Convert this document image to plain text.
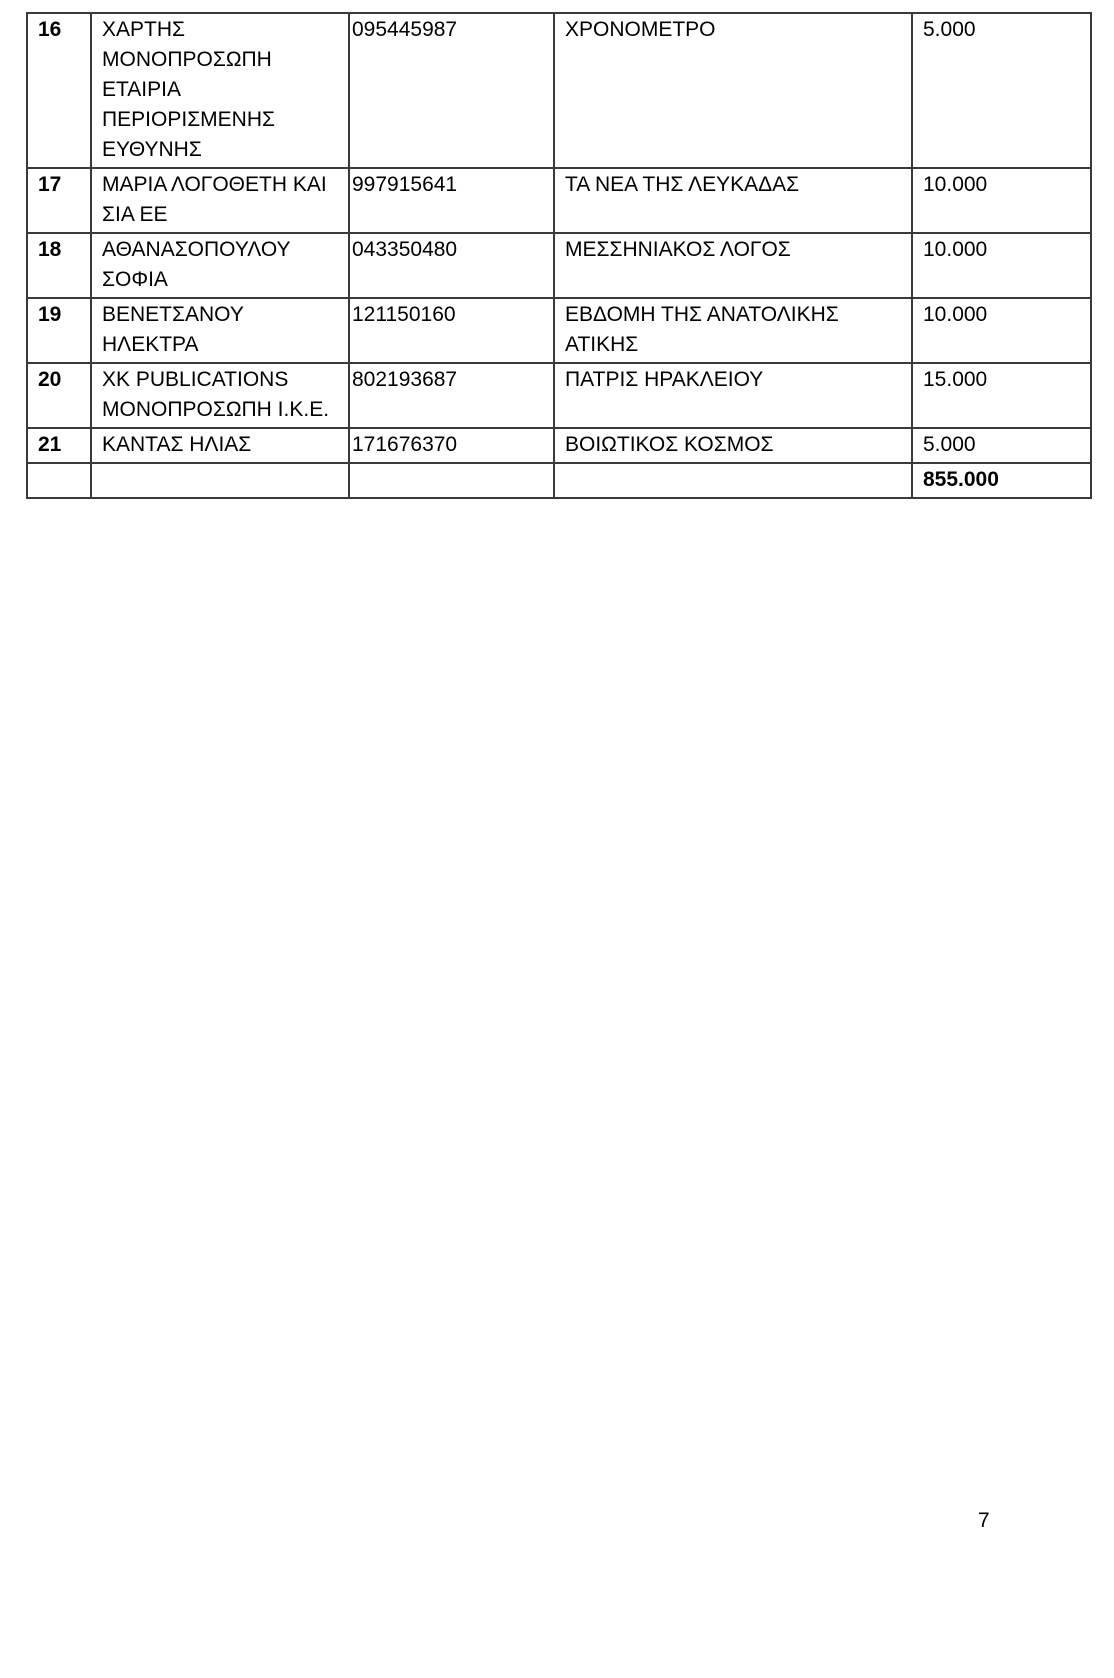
16	ΧΑΡΤΗΣ ΜΟΝΟΠΡΟΣΩΠΗ ΕΤΑΙΡΙΑ ΠΕΡΙΟΡΙΣΜΕΝΗΣ ΕΥΘΥΝΗΣ	095445987	ΧΡΟΝΟΜΕΤΡΟ	5.000
17	ΜΑΡΙΑ ΛΟΓΟΘΕΤΗ ΚΑΙ ΣΙΑ ΕΕ	997915641	ΤΑ ΝΕΑ ΤΗΣ ΛΕΥΚΑΔΑΣ	10.000
18	ΑΘΑΝΑΣΟΠΟΥΛΟΥ ΣΟΦΙΑ	043350480	ΜΕΣΣΗΝΙΑΚΟΣ ΛΟΓΟΣ	10.000
19	ΒΕΝΕΤΣΑΝΟΥ ΗΛΕΚΤΡΑ	121150160	ΕΒΔΟΜΗ ΤΗΣ ΑΝΑΤΟΛΙΚΗΣ ΑΤΙΚΗΣ	10.000
20	XK PUBLICATIONS ΜΟΝΟΠΡΟΣΩΠΗ Ι.Κ.Ε.	802193687	ΠΑΤΡΙΣ ΗΡΑΚΛΕΙΟΥ	15.000
21	ΚΑΝΤΑΣ ΗΛΙΑΣ	171676370	ΒΟΙΩΤΙΚΟΣ ΚΟΣΜΟΣ	5.000
				855.000
7
